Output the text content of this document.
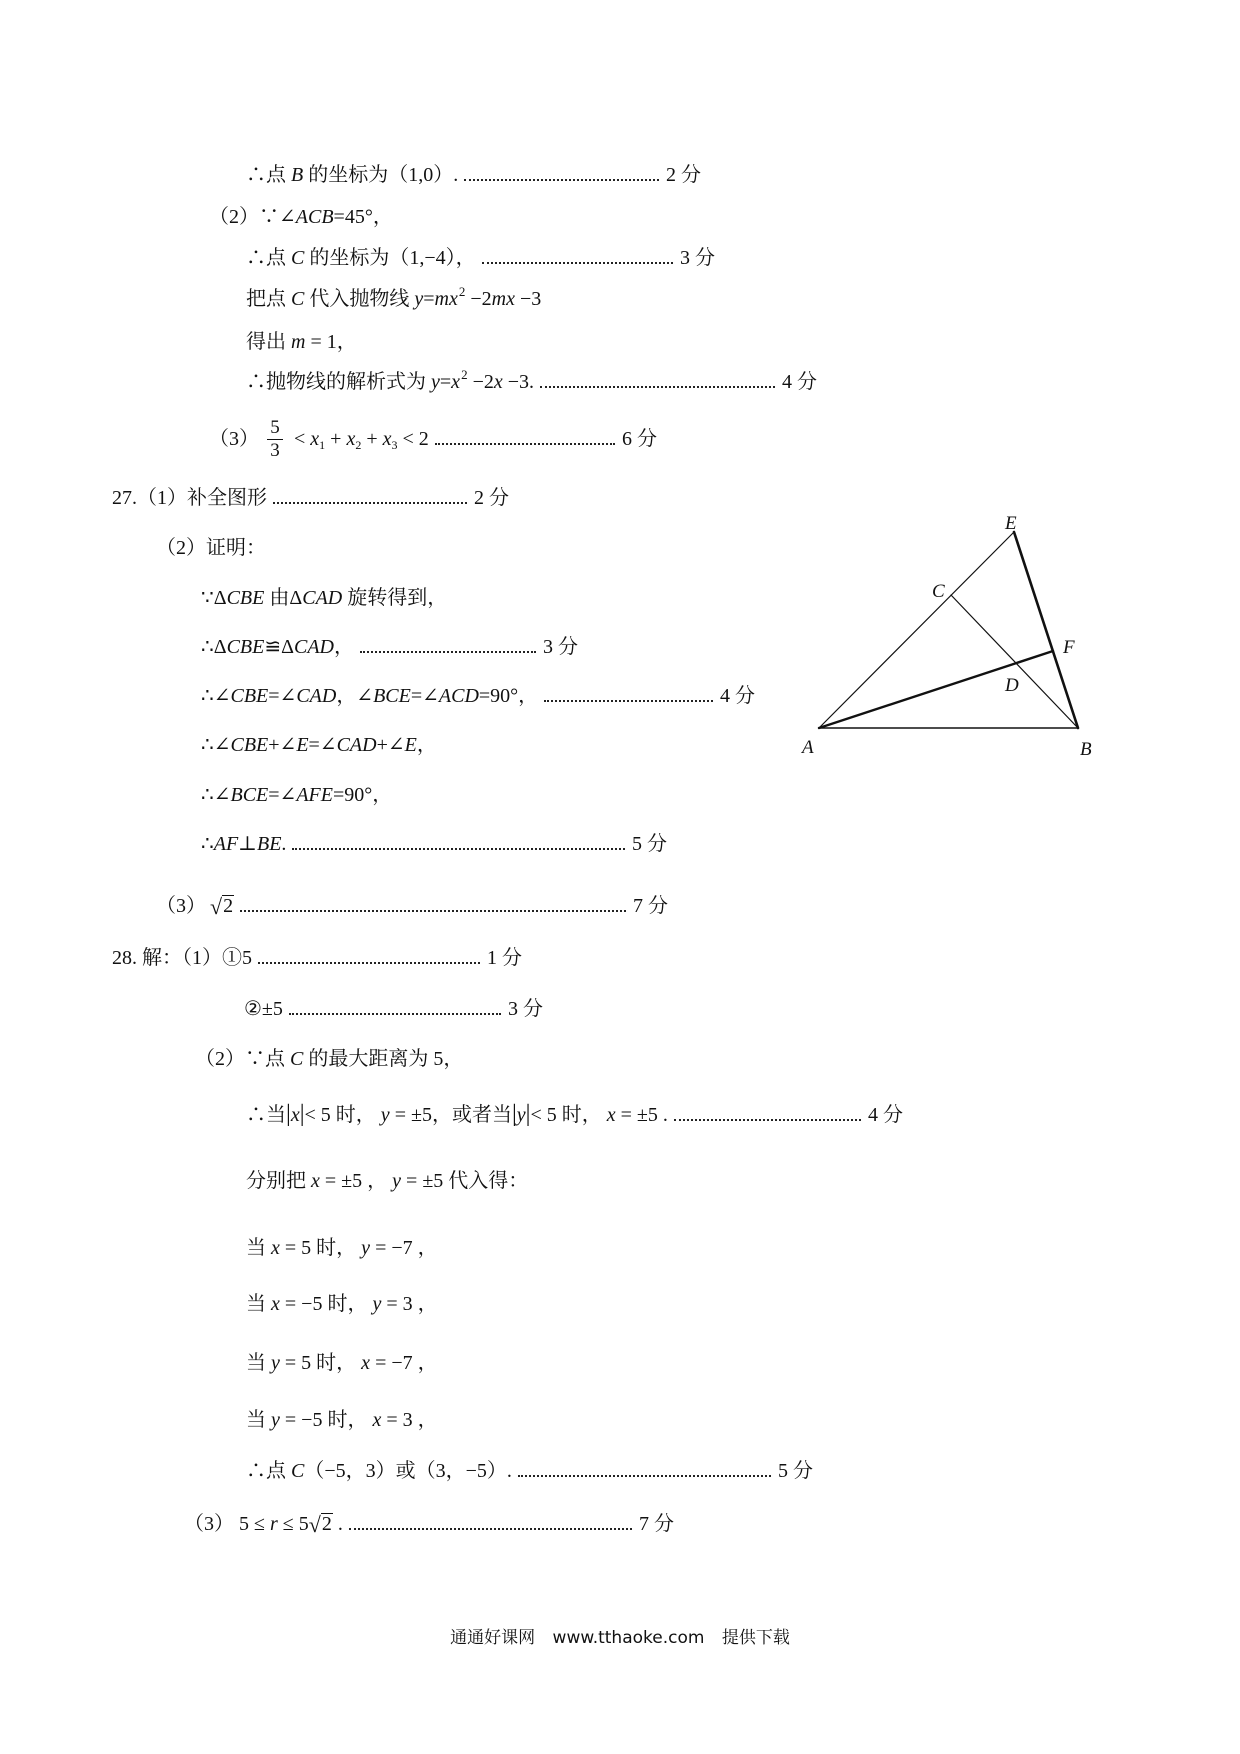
∴点 B 的坐标为（1,0）.	2 分
（2）∵∠ ACB =45°，
∴点 C 的坐标为（1,−4），	3 分
把点 C 代入抛物线 y = mx 2 −2 mx −3
得出 m = 1，
∴抛物线的解析式为 y = x 2 −2 x −3.	4 分
$(3) \frac{5}{3} < x$ 1 + x 2 + x 3 < 2	6 分
27.（1）补全图形	2 分
（2）证明：
∵Δ CBE 由Δ CAD 旋转得到，
∴Δ CBE ≌Δ CAD ，	3 分
∴∠ CBE =∠ CAD ，∠ BCE =∠ ACD =90°，	4 分
∴∠ CBE +∠ E =∠ CAD +∠ E ，
∴∠ BCE =∠ AFE =90°，
∴ AF ⊥ BE .	5 分
（3） √ 2	7 分
A	B
C
D
E
F
28. 解：（1）①5	1 分
②±5	3 分
（2）∵点 C 的最大距离为 5，
∴当 | x | < 5 时， y = ±5，或者当 | y | < 5 时， x = ±5 .	4 分
分别把 x = ±5 ， y = ±5 代入得：
当 x = 5 时， y = −7 ，
当 x = −5 时， y = 3 ，
当 y = 5 时， x = −7 ，
当 y = −5 时， x = 3 ，
∴点 C （−5，3）或（3，−5）.	5 分
（3） 5 ≤ r ≤ 5 √ 2 .	7 分
通通好课网 www.tthaoke.com 提供下载
